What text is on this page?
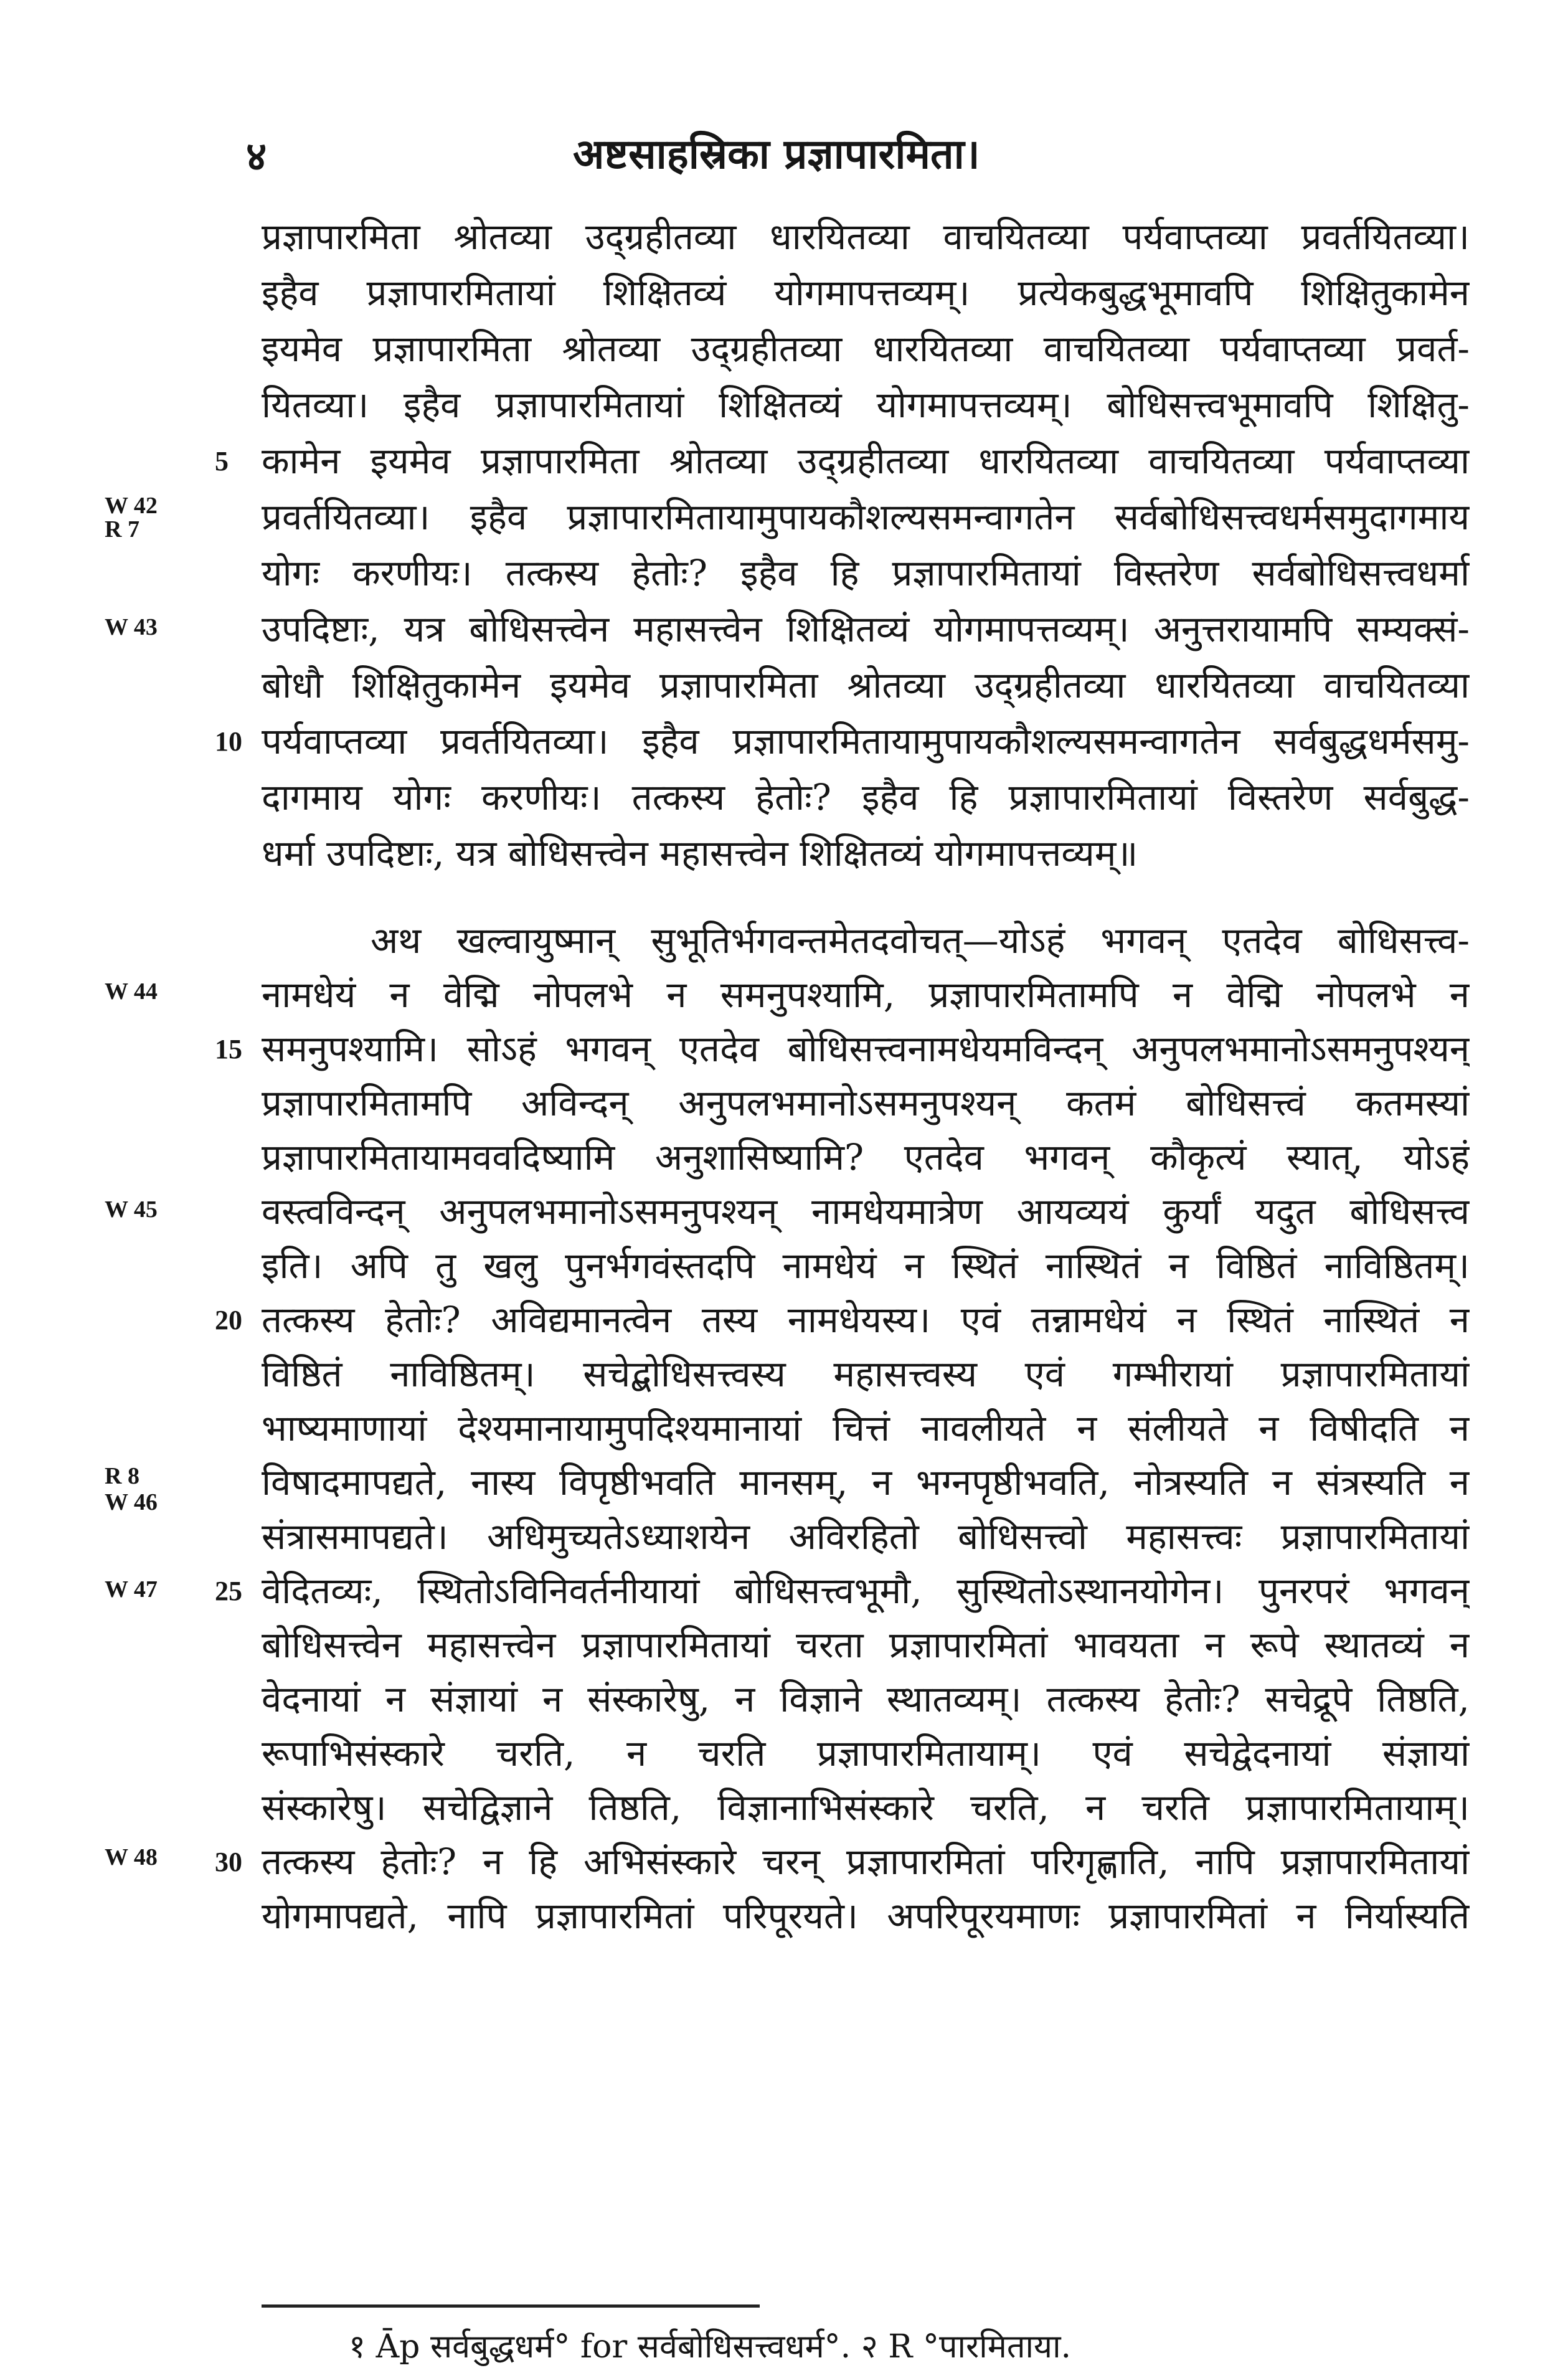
४	अष्टसाहस्रिका प्रज्ञापारमिता।
प्रज्ञापारमिता श्रोतव्या उद्ग्रहीतव्या धारयितव्या वाचयितव्या पर्यवाप्तव्या प्रवर्तयितव्या।
इहैव प्रज्ञापारमितायां शिक्षितव्यं योगमापत्तव्यम्। प्रत्येकबुद्धभूमावपि शिक्षितुकामेन
इयमेव प्रज्ञापारमिता श्रोतव्या उद्ग्रहीतव्या धारयितव्या वाचयितव्या पर्यवाप्तव्या प्रवर्त-
यितव्या। इहैव प्रज्ञापारमितायां शिक्षितव्यं योगमापत्तव्यम्। बोधिसत्त्वभूमावपि शिक्षितु-
कामेन इयमेव प्रज्ञापारमिता श्रोतव्या उद्ग्रहीतव्या धारयितव्या वाचयितव्या पर्यवाप्तव्या
प्रवर्तयितव्या। इहैव प्रज्ञापारमितायामुपायकौशल्यसमन्वागतेन सर्वबोधिसत्त्वधर्मसमुदागमाय
योगः करणीयः। तत्कस्य हेतोः? इहैव हि प्रज्ञापारमितायां विस्तरेण सर्वबोधिसत्त्वधर्मा
उपदिष्टाः, यत्र बोधिसत्त्वेन महासत्त्वेन शिक्षितव्यं योगमापत्तव्यम्। अनुत्तरायामपि सम्यक्सं-
बोधौ शिक्षितुकामेन इयमेव प्रज्ञापारमिता श्रोतव्या उद्ग्रहीतव्या धारयितव्या वाचयितव्या
पर्यवाप्तव्या प्रवर्तयितव्या। इहैव प्रज्ञापारमितायामुपायकौशल्यसमन्वागतेन सर्वबुद्धधर्मसमु-
दागमाय योगः करणीयः। तत्कस्य हेतोः? इहैव हि प्रज्ञापारमितायां विस्तरेण सर्वबुद्ध-
धर्मा उपदिष्टाः, यत्र बोधिसत्त्वेन महासत्त्वेन शिक्षितव्यं योगमापत्तव्यम्॥
अथ खल्वायुष्मान् सुभूतिर्भगवन्तमेतदवोचत्—योऽहं भगवन् एतदेव बोधिसत्त्व-
नामधेयं न वेद्मि नोपलभे न समनुपश्यामि, प्रज्ञापारमितामपि न वेद्मि नोपलभे न
समनुपश्यामि। सोऽहं भगवन् एतदेव बोधिसत्त्वनामधेयमविन्दन् अनुपलभमानोऽसमनुपश्यन्
प्रज्ञापारमितामपि अविन्दन् अनुपलभमानोऽसमनुपश्यन् कतमं बोधिसत्त्वं कतमस्यां
प्रज्ञापारमितायामववदिष्यामि अनुशासिष्यामि? एतदेव भगवन् कौकृत्यं स्यात्, योऽहं
वस्त्वविन्दन् अनुपलभमानोऽसमनुपश्यन् नामधेयमात्रेण आयव्ययं कुर्यां यदुत बोधिसत्त्व
इति। अपि तु खलु पुनर्भगवंस्तदपि नामधेयं न स्थितं नास्थितं न विष्ठितं नाविष्ठितम्।
तत्कस्य हेतोः? अविद्यमानत्वेन तस्य नामधेयस्य। एवं तन्नामधेयं न स्थितं नास्थितं न
विष्ठितं नाविष्ठितम्। सचेद्बोधिसत्त्वस्य महासत्त्वस्य एवं गम्भीरायां प्रज्ञापारमितायां
भाष्यमाणायां देश्यमानायामुपदिश्यमानायां चित्तं नावलीयते न संलीयते न विषीदति न
विषादमापद्यते, नास्य विपृष्ठीभवति मानसम्, न भग्नपृष्ठीभवति, नोत्रस्यति न संत्रस्यति न
संत्रासमापद्यते। अधिमुच्यतेऽध्याशयेन अविरहितो बोधिसत्त्वो महासत्त्वः प्रज्ञापारमितायां
वेदितव्यः, स्थितोऽविनिवर्तनीयायां बोधिसत्त्वभूमौ, सुस्थितोऽस्थानयोगेन। पुनरपरं भगवन्
बोधिसत्त्वेन महासत्त्वेन प्रज्ञापारमितायां चरता प्रज्ञापारमितां भावयता न रूपे स्थातव्यं न
वेदनायां न संज्ञायां न संस्कारेषु, न विज्ञाने स्थातव्यम्। तत्कस्य हेतोः? सचेद्रूपे तिष्ठति,
रूपाभिसंस्कारे चरति, न चरति प्रज्ञापारमितायाम्। एवं सचेद्वेदनायां संज्ञायां
संस्कारेषु। सचेद्विज्ञाने तिष्ठति, विज्ञानाभिसंस्कारे चरति, न चरति प्रज्ञापारमितायाम्।
तत्कस्य हेतोः? न हि अभिसंस्कारे चरन् प्रज्ञापारमितां परिगृह्णाति, नापि प्रज्ञापारमितायां
योगमापद्यते, नापि प्रज्ञापारमितां परिपूरयते। अपरिपूरयमाणः प्रज्ञापारमितां न निर्यास्यति
5
10
15
20
25
30
W 42
R 7
W 43
W 44
W 45
R 8
W 46
W 47
W 48
१ Āp सर्वबुद्धधर्म° for सर्वबोधिसत्त्वधर्म°. २ R °पारमिताया.
